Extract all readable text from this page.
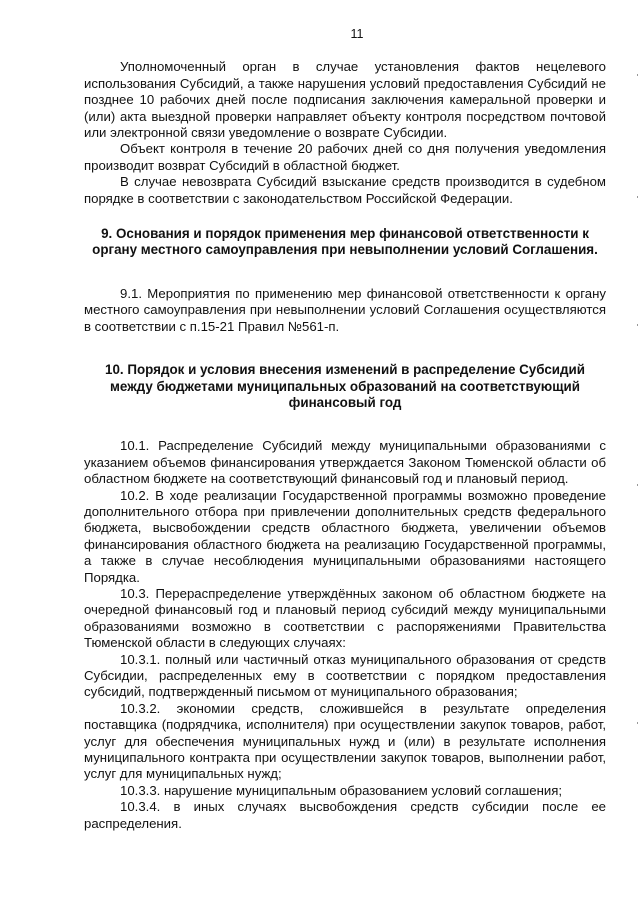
11

Уполномоченный орган в случае установления фактов нецелевого использования Субсидий, а также нарушения условий предоставления Субсидий не позднее 10 рабочих дней после подписания заключения камеральной проверки и (или) акта выездной проверки направляет объекту контроля посредством почтовой или электронной связи уведомление о возврате Субсидии.

Объект контроля в течение 20 рабочих дней со дня получения уведомления производит возврат Субсидий в областной бюджет.

В случае невозврата Субсидий взыскание средств производится в судебном порядке в соответствии с законодательством Российской Федерации.

9. Основания и порядок применения мер финансовой ответственности к органу местного самоуправления при невыполнении условий Соглашения.

9.1. Мероприятия по применению мер финансовой ответственности к органу местного самоуправления при невыполнении условий Соглашения осуществляются в соответствии с п.15-21 Правил №561-п.

10. Порядок и условия внесения изменений в распределение Субсидий между бюджетами муниципальных образований на соответствующий финансовый год

10.1. Распределение Субсидий между муниципальными образованиями с указанием объемов финансирования утверждается Законом Тюменской области об областном бюджете на соответствующий финансовый год и плановый период.

10.2. В ходе реализации Государственной программы возможно проведение дополнительного отбора при привлечении дополнительных средств федерального бюджета, высвобождении средств областного бюджета, увеличении объемов финансирования областного бюджета на реализацию Государственной программы, а также в случае несоблюдения муниципальными образованиями настоящего Порядка.

10.3. Перераспределение утверждённых законом об областном бюджете на очередной финансовый год и плановый период субсидий между муниципальными образованиями возможно в соответствии с распоряжениями Правительства Тюменской области в следующих случаях:

10.3.1. полный или частичный отказ муниципального образования от средств Субсидии, распределенных ему в соответствии с порядком предоставления субсидий, подтвержденный письмом от муниципального образования;

10.3.2. экономии средств, сложившейся в результате определения поставщика (подрядчика, исполнителя) при осуществлении закупок товаров, работ, услуг для обеспечения муниципальных нужд и (или) в результате исполнения муниципального контракта при осуществлении закупок товаров, выполнении работ, услуг для муниципальных нужд;

10.3.3. нарушение муниципальным образованием условий соглашения;

10.3.4. в иных случаях высвобождения средств субсидии после ее распределения.
